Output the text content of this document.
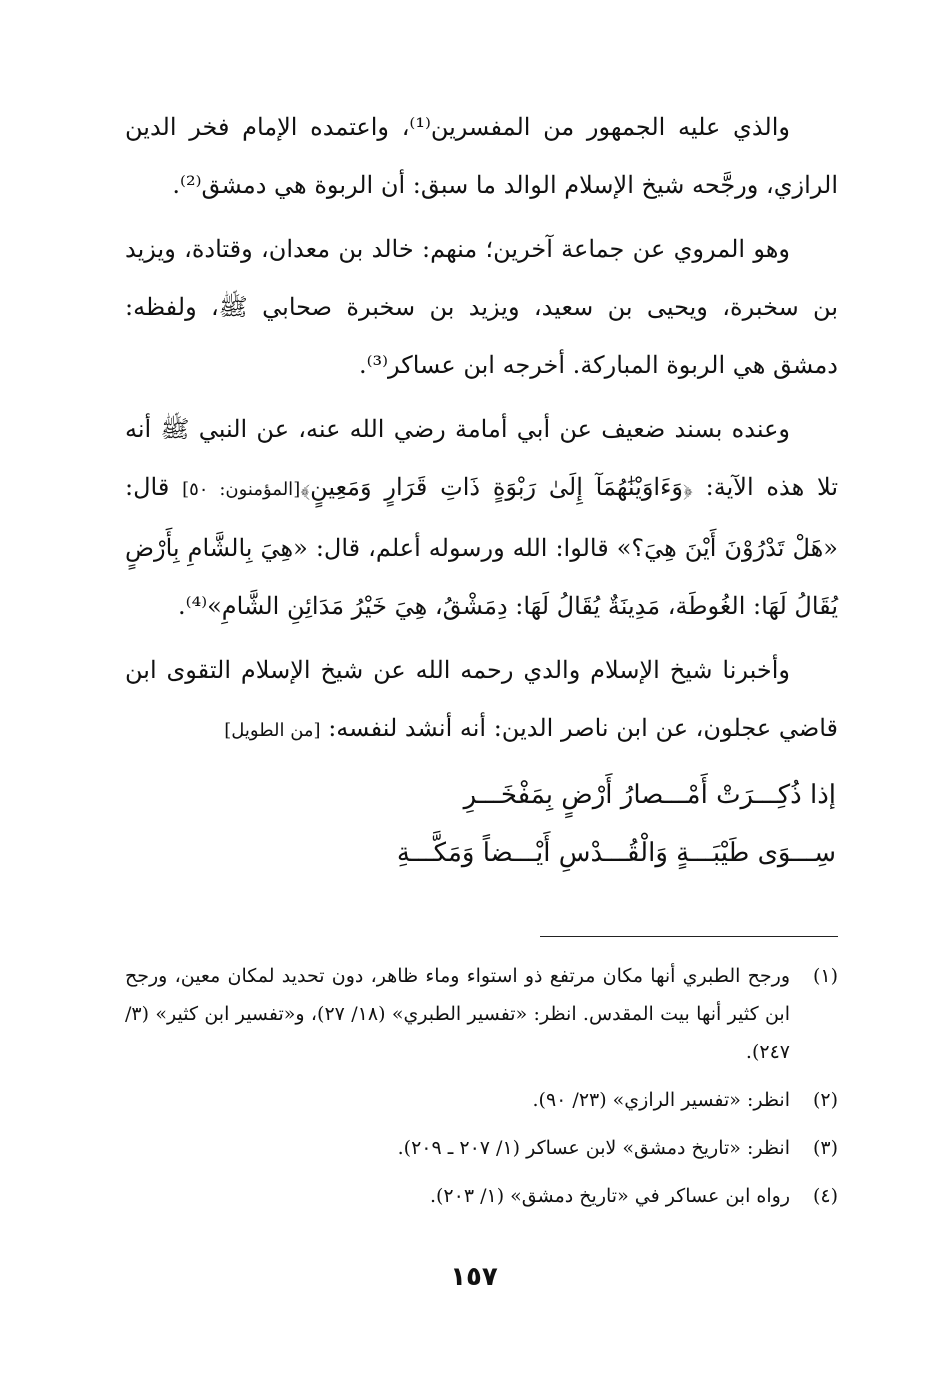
والذي عليه الجمهور من المفسرين⁽¹⁾، واعتمده الإمام فخر الدين الرازي، ورجَّحه شيخ الإسلام الوالد ما سبق: أن الربوة هي دمشق⁽²⁾.

وهو المروي عن جماعة آخرين؛ منهم: خالد بن معدان، وقتادة، ويزيد بن سخبرة، ويحيى بن سعيد، ويزيد بن سخبرة صحابي ﷺ، ولفظه: دمشق هي الربوة المباركة. أخرجه ابن عساكر⁽³⁾.

وعنده بسند ضعيف عن أبي أمامة رضي الله عنه، عن النبي ﷺ أنه تلا هذه الآية: ﴿وَءَاوَيْنَٰهُمَآ إِلَىٰ رَبْوَةٍ ذَاتِ قَرَارٍ وَمَعِينٍ﴾[المؤمنون: ٥٠] قال: «هَلْ تَدْرُوْنَ أَيْنَ هِيَ؟» قالوا: الله ورسوله أعلم، قال: «هِيَ بِالشَّامِ بِأَرْضٍ يُقَالُ لَهَا: الغُوطَة، مَدِينَةٌ يُقَالُ لَهَا: دِمَشْقُ، هِيَ خَيْرُ مَدَائِنِ الشَّامِ»⁽⁴⁾.

وأخبرنا شيخ الإسلام والدي رحمه الله عن شيخ الإسلام التقوى ابن قاضي عجلون، عن ابن ناصر الدين: أنه أنشد لنفسه: [من الطويل]

إذا ذُكِـــرَتْ أَمْـــصارُ أَرْضٍ بِمَفْخَـــرِ
سِـــوَى طَيْبَـــةٍ وَالْقُـــدْسِ أَيْـــضاً وَمَكَّـــةِ
(١)
ورجح الطبري أنها مكان مرتفع ذو استواء وماء ظاهر، دون تحديد لمكان معين، ورجح ابن كثير أنها بيت المقدس. انظر: «تفسير الطبري» (١٨/ ٢٧)، و«تفسير ابن كثير» (٣/ ٢٤٧).
(٢)
انظر: «تفسير الرازي» (٢٣/ ٩٠).
(٣)
انظر: «تاريخ دمشق» لابن عساكر (١/ ٢٠٧ ـ ٢٠٩).
(٤)
رواه ابن عساكر في «تاريخ دمشق» (١/ ٢٠٣).
١٥٧
